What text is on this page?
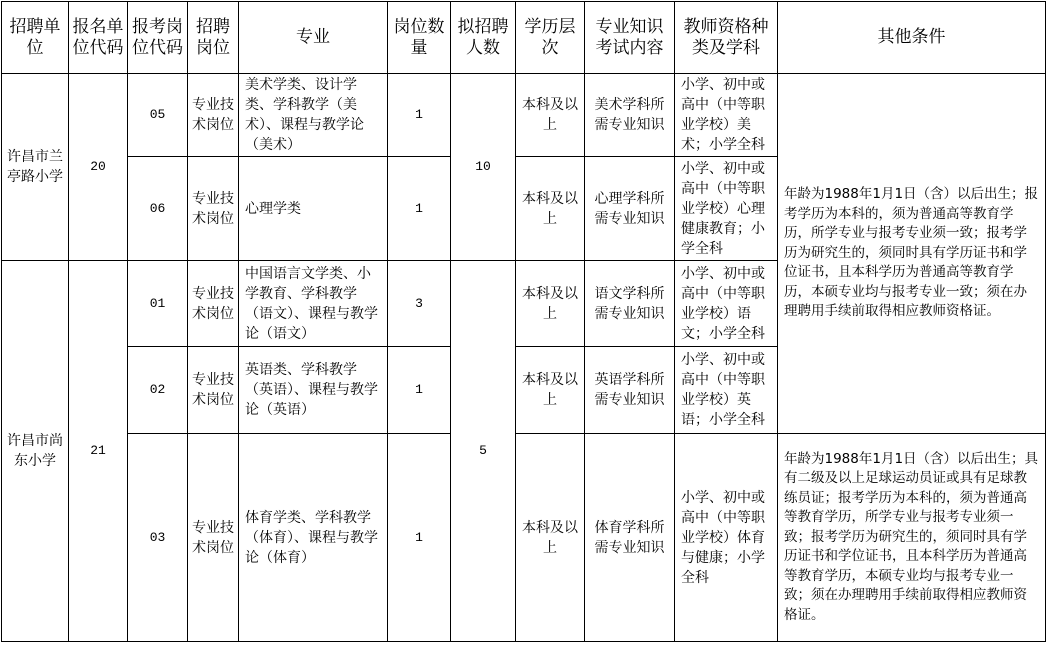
招聘单位	报名单位代码	报考岗位代码	招聘岗位	专业	岗位数量	拟招聘人数	学历层次	专业知识考试内容	教师资格种类及学科	其他条件
许昌市兰亭路小学	20	05	专业技术岗位	美术学类、设计学类、学科教学（美术）、课程与教学论（美术）	1	10	本科及以上	美术学科所需专业知识	小学、初中或高中（中等职业学校）美术；小学全科	年龄为1988年1月1日（含）以后出生；报考学历为本科的，须为普通高等教育学历，所学专业与报考专业须一致；报考学历为研究生的，须同时具有学历证书和学位证书，且本科学历为普通高等教育学历，本硕专业均与报考专业一致；须在办理聘用手续前取得相应教师资格证。
		06	专业技术岗位	心理学类	1		本科及以上	心理学科所需专业知识	小学、初中或高中（中等职业学校）心理健康教育；小学全科	
许昌市尚东小学	21	01	专业技术岗位	中国语言文学类、小学教育、学科教学（语文）、课程与教学论（语文）	3	5	本科及以上	语文学科所需专业知识	小学、初中或高中（中等职业学校）语文；小学全科	
		02	专业技术岗位	英语类、学科教学（英语）、课程与教学论（英语）	1		本科及以上	英语学科所需专业知识	小学、初中或高中（中等职业学校）英语；小学全科	
		03	专业技术岗位	体育学类、学科教学（体育）、课程与教学论（体育）	1		本科及以上	体育学科所需专业知识	小学、初中或高中（中等职业学校）体育与健康；小学全科	年龄为1988年1月1日（含）以后出生；具有二级及以上足球运动员证或具有足球教练员证；报考学历为本科的，须为普通高等教育学历，所学专业与报考专业须一致；报考学历为研究生的，须同时具有学历证书和学位证书，且本科学历为普通高等教育学历，本硕专业均与报考专业一致；须在办理聘用手续前取得相应教师资格证。
